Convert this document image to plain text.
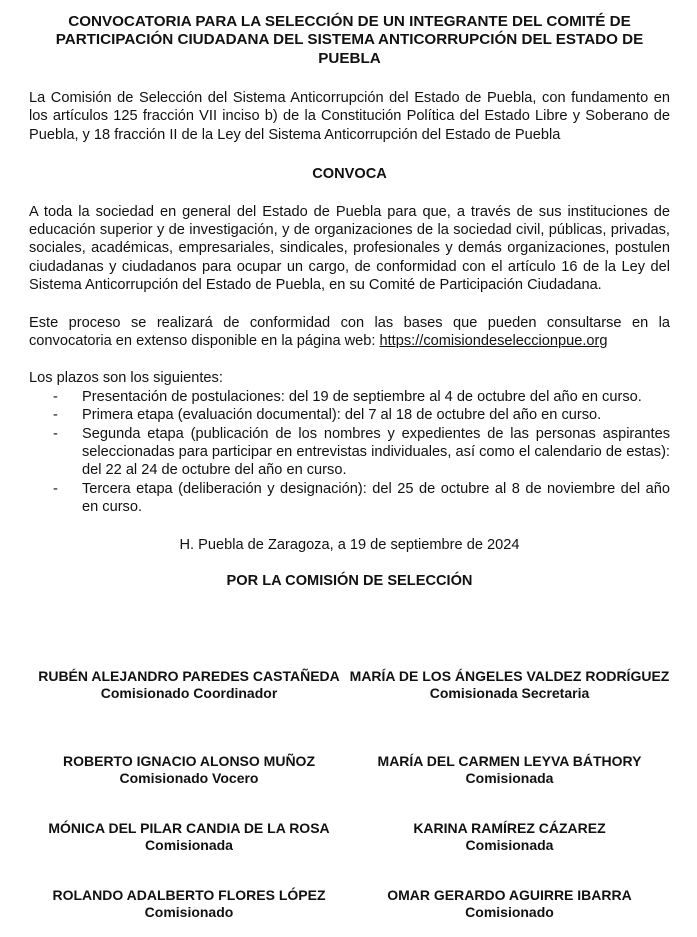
CONVOCATORIA PARA LA SELECCIÓN DE UN INTEGRANTE DEL COMITÉ DE PARTICIPACIÓN CIUDADANA DEL SISTEMA ANTICORRUPCIÓN DEL ESTADO DE PUEBLA

La Comisión de Selección del Sistema Anticorrupción del Estado de Puebla, con fundamento en los artículos 125 fracción VII inciso b) de la Constitución Política del Estado Libre y Soberano de Puebla, y 18 fracción II de la Ley del Sistema Anticorrupción del Estado de Puebla

CONVOCA

A toda la sociedad en general del Estado de Puebla para que, a través de sus instituciones de educación superior y de investigación, y de organizaciones de la sociedad civil, públicas, privadas, sociales, académicas, empresariales, sindicales, profesionales y demás organizaciones, postulen ciudadanas y ciudadanos para ocupar un cargo, de conformidad con el artículo 16 de la Ley del Sistema Anticorrupción del Estado de Puebla, en su Comité de Participación Ciudadana.

Este proceso se realizará de conformidad con las bases que pueden consultarse en la convocatoria en extenso disponible en la página web: https://comisiondeseleccionpue.org

Los plazos son los siguientes:

- Presentación de postulaciones: del 19 de septiembre al 4 de octubre del año en curso.
- Primera etapa (evaluación documental): del 7 al 18 de octubre del año en curso.
- Segunda etapa (publicación de los nombres y expedientes de las personas aspirantes seleccionadas para participar en entrevistas individuales, así como el calendario de estas): del 22 al 24 de octubre del año en curso.
- Tercera etapa (deliberación y designación): del 25 de octubre al 8 de noviembre del año en curso.

H. Puebla de Zaragoza, a 19 de septiembre de 2024

POR LA COMISIÓN DE SELECCIÓN

RUBÉN ALEJANDRO PAREDES CASTAÑEDA
Comisionado Coordinador
MARÍA DE LOS ÁNGELES VALDEZ RODRÍGUEZ
Comisionada Secretaria
ROBERTO IGNACIO ALONSO MUÑOZ
Comisionado Vocero
MARÍA DEL CARMEN LEYVA BÁTHORY
Comisionada
MÓNICA DEL PILAR CANDIA DE LA ROSA
Comisionada
KARINA RAMÍREZ CÁZAREZ
Comisionada
ROLANDO ADALBERTO FLORES LÓPEZ
Comisionado
OMAR GERARDO AGUIRRE IBARRA
Comisionado
